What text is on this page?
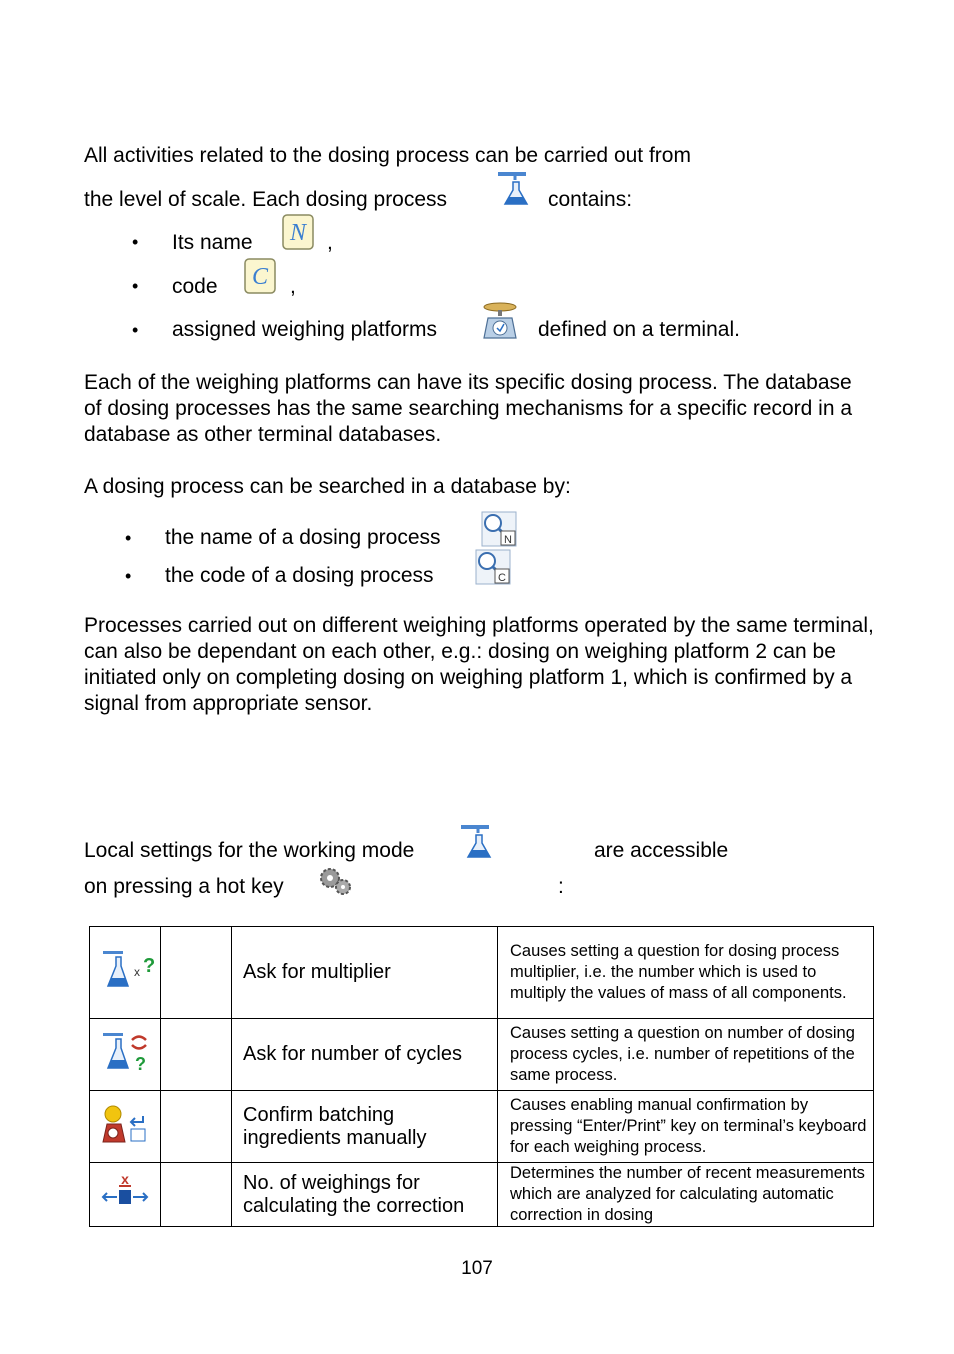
All activities related to the dosing process can be carried out from
the level of scale. Each dosing process	contains:
• Its name N ,
• code C ,
• assigned weighing platforms	defined on a terminal.
Each of the weighing platforms can have its specific dosing process. The database of dosing processes has the same searching mechanisms for a specific record in a database as other terminal databases.
A dosing process can be searched in a database by:
• the name of a dosing process	N
• the code of a dosing process	C
Processes carried out on different weighing platforms operated by the same terminal, can also be dependant on each other, e.g.: dosing on weighing platform 2 can be initiated only on completing dosing on weighing platform 1, which is confirmed by a signal from appropriate sensor.
Local settings for the working mode	are accessible
on pressing a hot key	:
x ?		Ask for multiplier	Causes setting a question for dosing process multiplier, i.e. the number which is used to multiply the values of mass of all components.

?		Ask for number of cycles	Causes setting a question on number of dosing process cycles, i.e. number of repetitions of the same process.
		Confirm batching ingredients manually	Causes enabling manual confirmation by pressing “Enter/Print” key on terminal’s keyboard for each weighing process.

x		No. of weighings for calculating the correction	Determines the number of recent measurements which are analyzed for calculating automatic correction in dosing
107
